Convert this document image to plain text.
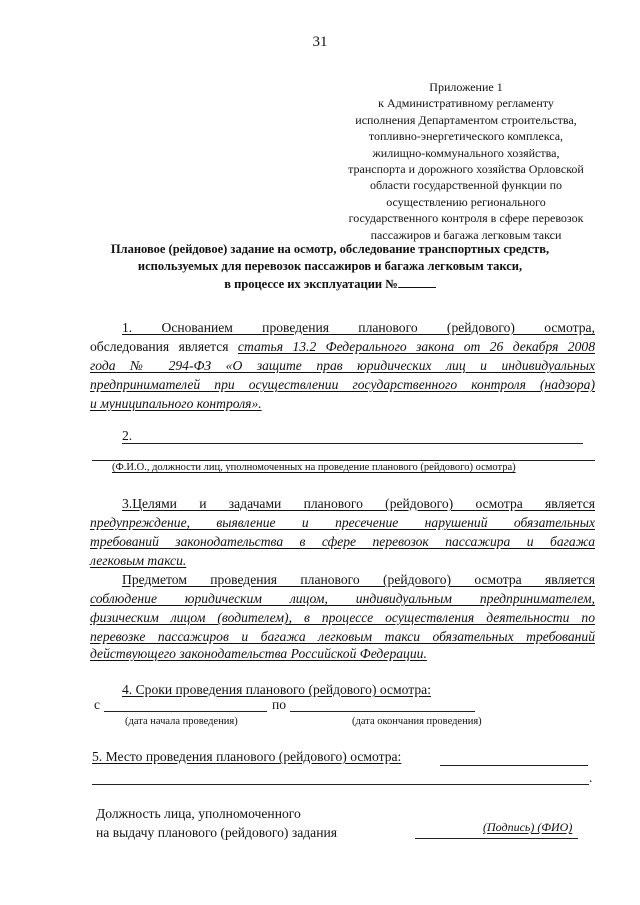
31
Приложение 1
к Административному регламенту
исполнения Департаментом строительства,
топливно-энергетического комплекса,
жилищно-коммунального хозяйства,
транспорта и дорожного хозяйства Орловской
области государственной функции по
осуществлению регионального
государственного контроля в сфере перевозок
пассажиров и багажа легковым такси
Плановое (рейдовое) задание на осмотр, обследование транспортных средств,
используемых для перевозок пассажиров и багажа легковым такси,
в процессе их эксплуатации №
1. Основанием проведения планового (рейдового) осмотра,
обследования является статья 13.2 Федерального закона от 26 декабря 2008
года № 294-ФЗ «О защите прав юридических лиц и индивидуальных
предпринимателей при осуществлении государственного контроля (надзора)
и муниципального контроля».
2.
(Ф.И.О., должности лиц, уполномоченных на проведение планового (рейдового) осмотра)
3.Целями и задачами планового (рейдового) осмотра является
предупреждение, выявление и пресечение нарушений обязательных
требований законодательства в сфере перевозок пассажира и багажа
легковым такси.
Предметом проведения планового (рейдового) осмотра является
соблюдение юридическим лицом, индивидуальным предпринимателем,
физическим лицом (водителем), в процессе осуществления деятельности по
перевозке пассажиров и багажа легковым такси обязательных требований
действующего законодательства Российской Федерации.
4. Сроки проведения планового (рейдового) осмотра:
с	по
(дата начала проведения)	(дата окончания проведения)
5. Место проведения планового (рейдового) осмотра:
.
Должность лица, уполномоченного
на выдачу планового (рейдового) задания	(Подпись) (ФИО)
